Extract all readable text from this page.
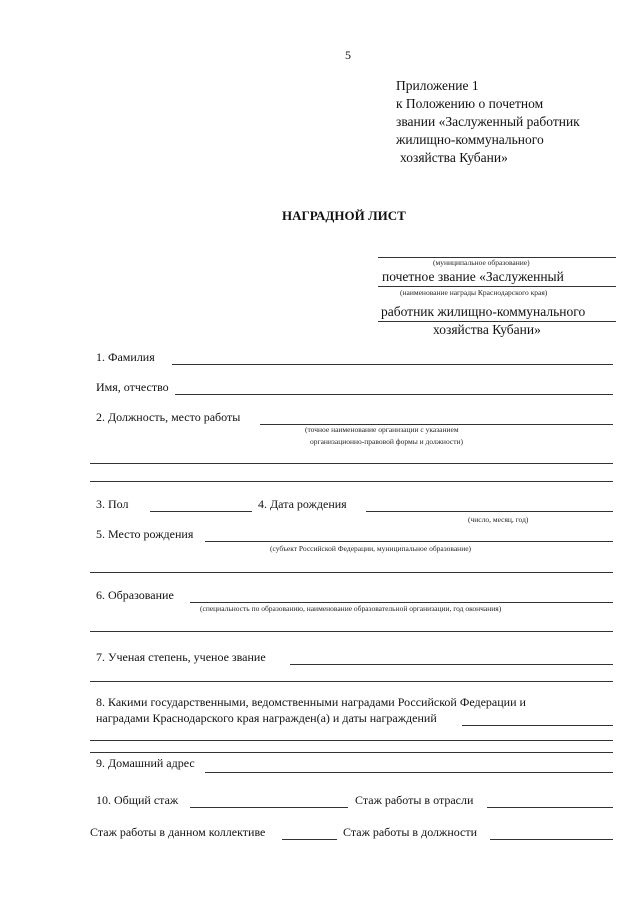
5
Приложение 1
к Положению о почетном
звании «Заслуженный работник
жилищно-коммунального
хозяйства Кубани»
НАГРАДНОЙ ЛИСТ
(муниципальное образование)
почетное звание «Заслуженный
(наименование награды Краснодарского края)
работник жилищно-коммунального
хозяйства Кубани»
1. Фамилия
Имя, отчество
2. Должность, место работы
(точное наименование организации с указанием
организационно-правовой формы и должности)
3. Пол	4. Дата рождения
(число, месяц, год)
5. Место рождения
(субъект Российской Федерации, муниципальное образование)
6. Образование
(специальность по образованию, наименование образовательной организации, год окончания)
7. Ученая степень, ученое звание
8. Какими государственными, ведомственными наградами Российской Федерации и
наградами Краснодарского края награжден(а) и даты награждений
9. Домашний адрес
10. Общий стаж	Стаж работы в отрасли
Стаж работы в данном коллективе	Стаж работы в должности
